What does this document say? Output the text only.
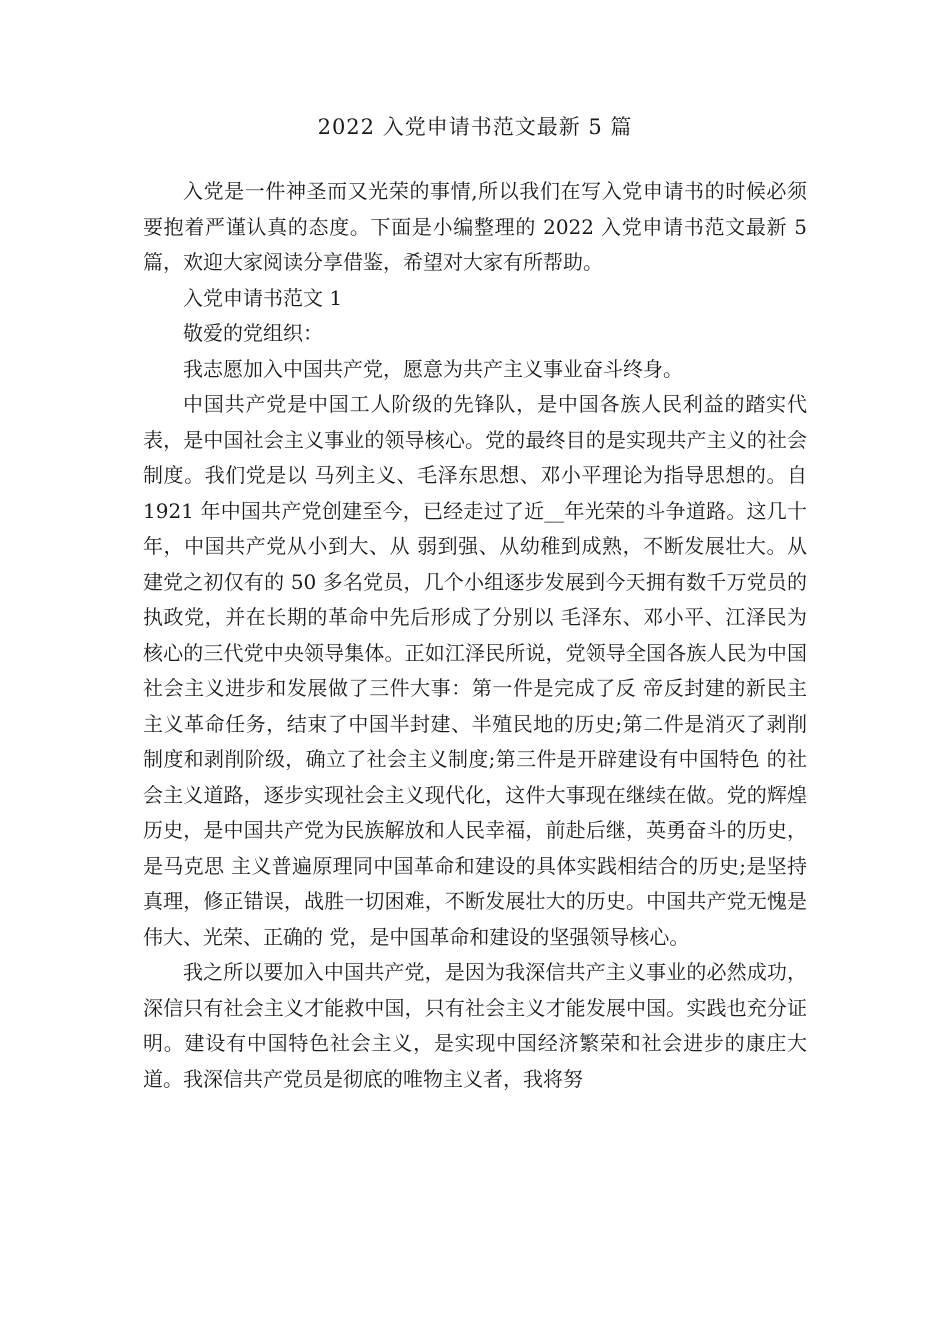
2022 入党申请书范文最新 5 篇

入党是一件神圣而又光荣的事情,所以我们在写入党申请书的时候必须要抱着严谨认真的态度。下面是小编整理的 2022 入党申请书范文最新 5 篇，欢迎大家阅读分享借鉴，希望对大家有所帮助。

入党申请书范文 1

敬爱的党组织：

我志愿加入中国共产党，愿意为共产主义事业奋斗终身。

中国共产党是中国工人阶级的先锋队，是中国各族人民利益的踏实代表，是中国社会主义事业的领导核心。党的最终目的是实现共产主义的社会制度。我们党是以 马列主义、毛泽东思想、邓小平理论为指导思想的。自 1921 年中国共产党创建至今，已经走过了近__年光荣的斗争道路。这几十年，中国共产党从小到大、从 弱到强、从幼稚到成熟，不断发展壮大。从建党之初仅有的 50 多名党员，几个小组逐步发展到今天拥有数千万党员的执政党，并在长期的革命中先后形成了分别以 毛泽东、邓小平、江泽民为核心的三代党中央领导集体。正如江泽民所说，党领导全国各族人民为中国社会主义进步和发展做了三件大事：第一件是完成了反 帝反封建的新民主主义革命任务，结束了中国半封建、半殖民地的历史;第二件是消灭了剥削制度和剥削阶级，确立了社会主义制度;第三件是开辟建设有中国特色 的社会主义道路，逐步实现社会主义现代化，这件大事现在继续在做。党的辉煌历史，是中国共产党为民族解放和人民幸福，前赴后继，英勇奋斗的历史，是马克思 主义普遍原理同中国革命和建设的具体实践相结合的历史;是坚持真理，修正错误，战胜一切困难，不断发展壮大的历史。中国共产党无愧是伟大、光荣、正确的 党，是中国革命和建设的坚强领导核心。

我之所以要加入中国共产党，是因为我深信共产主义事业的必然成功，深信只有社会主义才能救中国，只有社会主义才能发展中国。实践也充分证明。建设有中国特色社会主义，是实现中国经济繁荣和社会进步的康庄大道。我深信共产党员是彻底的唯物主义者，我将努
